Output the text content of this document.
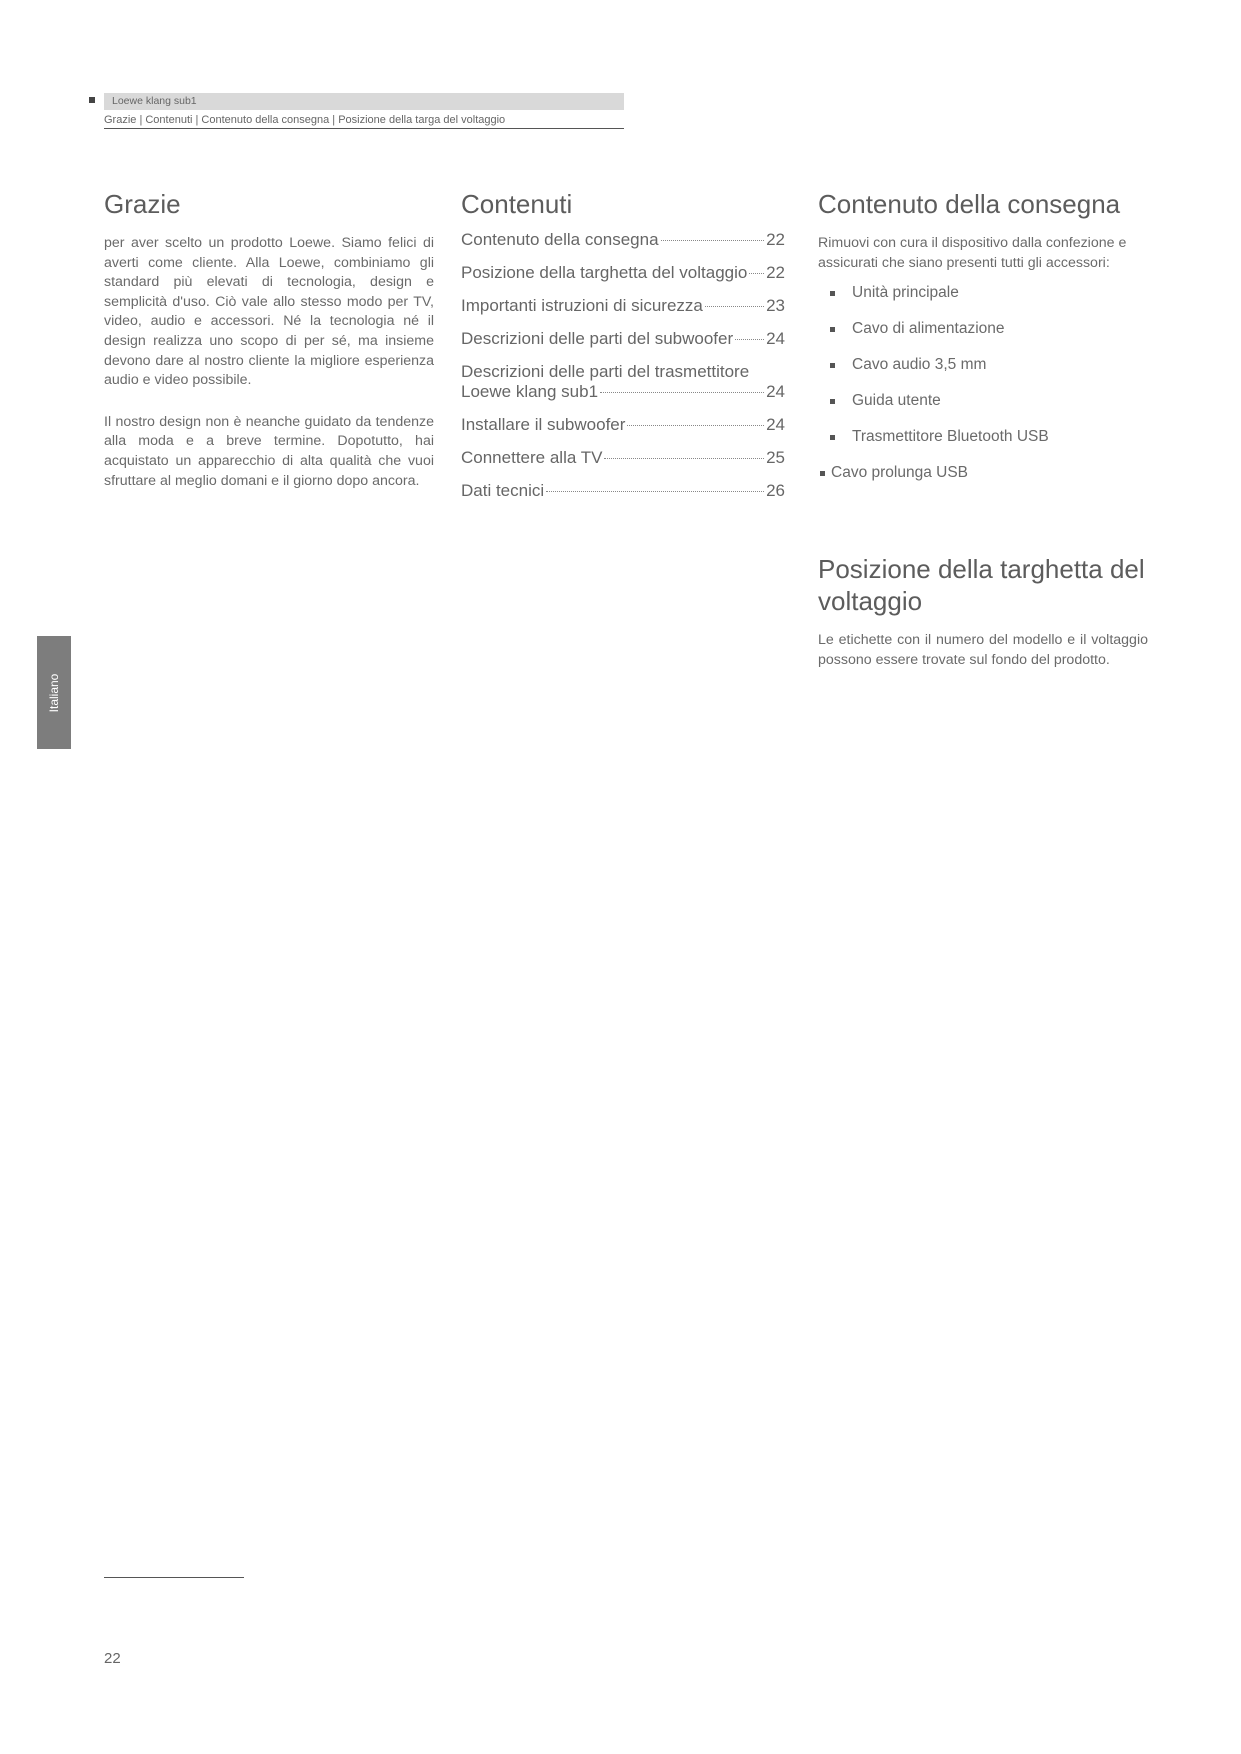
Loewe klang sub1
Grazie | Contenuti | Contenuto della consegna | Posizione della targa del voltaggio
Grazie

per aver scelto un prodotto Loewe. Siamo felici di averti come cliente. Alla Loewe, combiniamo gli standard più elevati di tecnologia, design e semplicità d'uso. Ciò vale allo stesso modo per TV, video, audio e accessori. Né la tecnologia né il design realizza uno scopo di per sé, ma insieme devono dare al nostro cliente la migliore esperienza audio e video possibile.

Il nostro design non è neanche guidato da tendenze alla moda e a breve termine. Dopotutto, hai acquistato un apparecchio di alta qualità che vuoi sfruttare al meglio domani e il giorno dopo ancora.

Contenuti
Contenuto della consegna	22
Posizione della targhetta del voltaggio 22
Importanti istruzioni di sicurezza	23
Descrizioni delle parti del subwoofer 24
Descrizioni delle parti del trasmettitore
Loewe klang sub1	24
Installare il subwoofer	24
Connettere alla TV	25
Dati tecnici	26
Contenuto della consegna
Rimuovi con cura il dispositivo dalla confezione e assicurati che siano presenti tutti gli accessori:
Unità principale
Cavo di alimentazione
Cavo audio 3,5 mm
Guida utente
Trasmettitore Bluetooth USB
Cavo prolunga USB
Posizione della targhetta del voltaggio

Le etichette con il numero del modello e il voltaggio possono essere trovate sul fondo del prodotto.

Italiano
22
